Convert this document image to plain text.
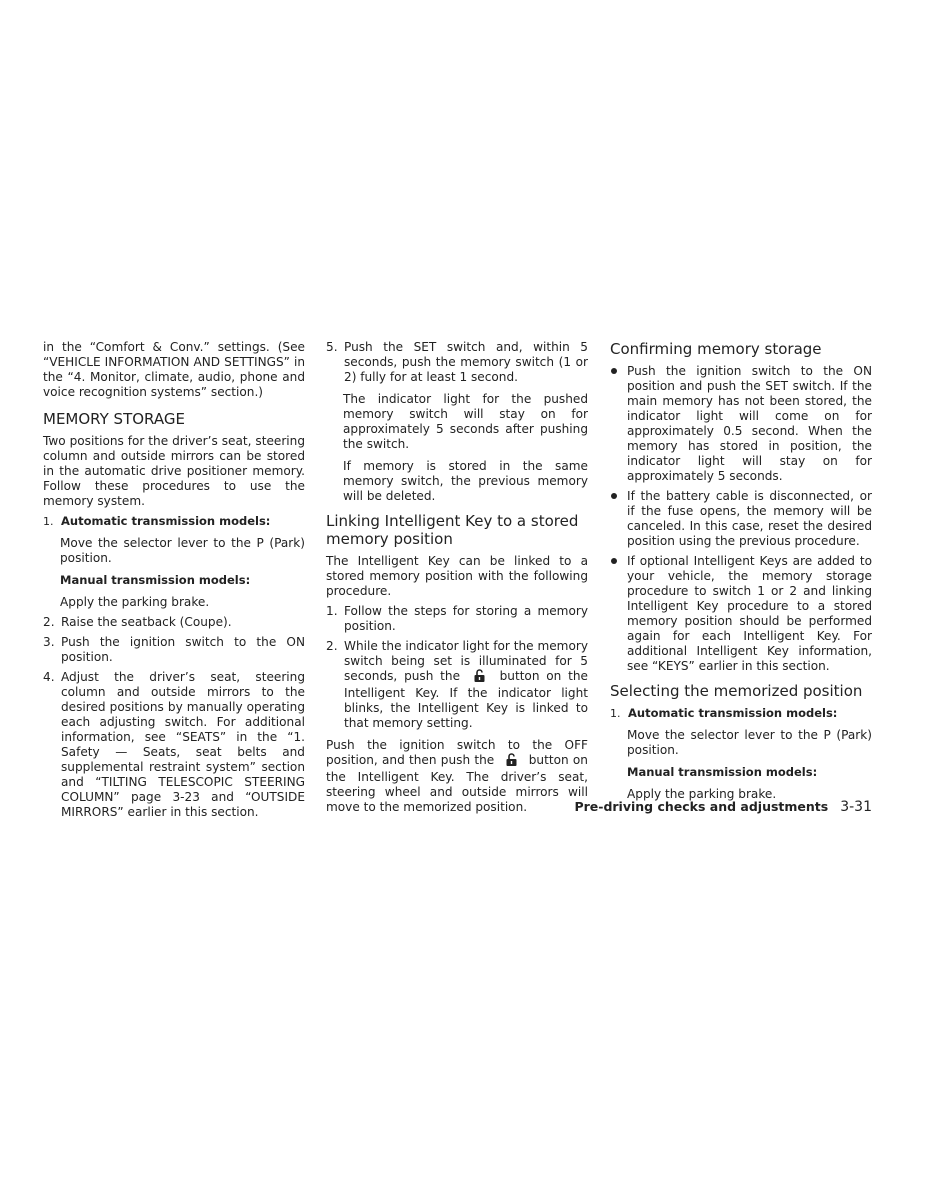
in the “Comfort & Conv.” settings. (See “VEHICLE INFORMATION AND SETTINGS” in the “4. Monitor, climate, audio, phone and voice recognition systems” section.)

MEMORY STORAGE

Two positions for the driver’s seat, steering column and outside mirrors can be stored in the automatic drive positioner memory. Follow these procedures to use the memory system.

1. Automatic transmission models:

Move the selector lever to the P (Park) position.

Manual transmission models:

Apply the parking brake.

2. Raise the seatback (Coupe).
3. Push the ignition switch to the ON position.
4. Adjust the driver’s seat, steering column and outside mirrors to the desired positions by manually operating each adjusting switch. For additional information, see “SEATS” in the “1. Safety — Seats, seat belts and supplemental restraint system” section and “TILTING TELESCOPIC STEERING COLUMN” page 3-23 and “OUTSIDE MIRRORS” earlier in this section.
5. Push the SET switch and, within 5 seconds, push the memory switch (1 or 2) fully for at least 1 second.

The indicator light for the pushed memory switch will stay on for approximately 5 seconds after pushing the switch.

If memory is stored in the same memory switch, the previous memory will be deleted.

Linking Intelligent Key to a stored memory position

The Intelligent Key can be linked to a stored memory position with the following procedure.

1. Follow the steps for storing a memory position.
2. While the indicator light for the memory switch being set is illuminated for 5 seconds, push the	button on the Intelligent Key. If the indicator light blinks, the Intelligent Key is linked to that memory setting.

Push the ignition switch to the OFF position, and then push the	button on the Intelligent Key. The driver’s seat, steering wheel and outside mirrors will move to the memorized position.

Confirming memory storage
Push the ignition switch to the ON position and push the SET switch. If the main memory has not been stored, the indicator light will come on for approximately 0.5 second. When the memory has stored in position, the indicator light will stay on for approximately 5 seconds.
If the battery cable is disconnected, or if the fuse opens, the memory will be canceled. In this case, reset the desired position using the previous procedure.
If optional Intelligent Keys are added to your vehicle, the memory storage procedure to switch 1 or 2 and linking Intelligent Key procedure to a stored memory position should be performed again for each Intelligent Key. For additional Intelligent Key information, see “KEYS” earlier in this section.
Selecting the memorized position
1. Automatic transmission models:

Move the selector lever to the P (Park) position.

Manual transmission models:

Apply the parking brake.

Pre-driving checks and adjustments 3-31
